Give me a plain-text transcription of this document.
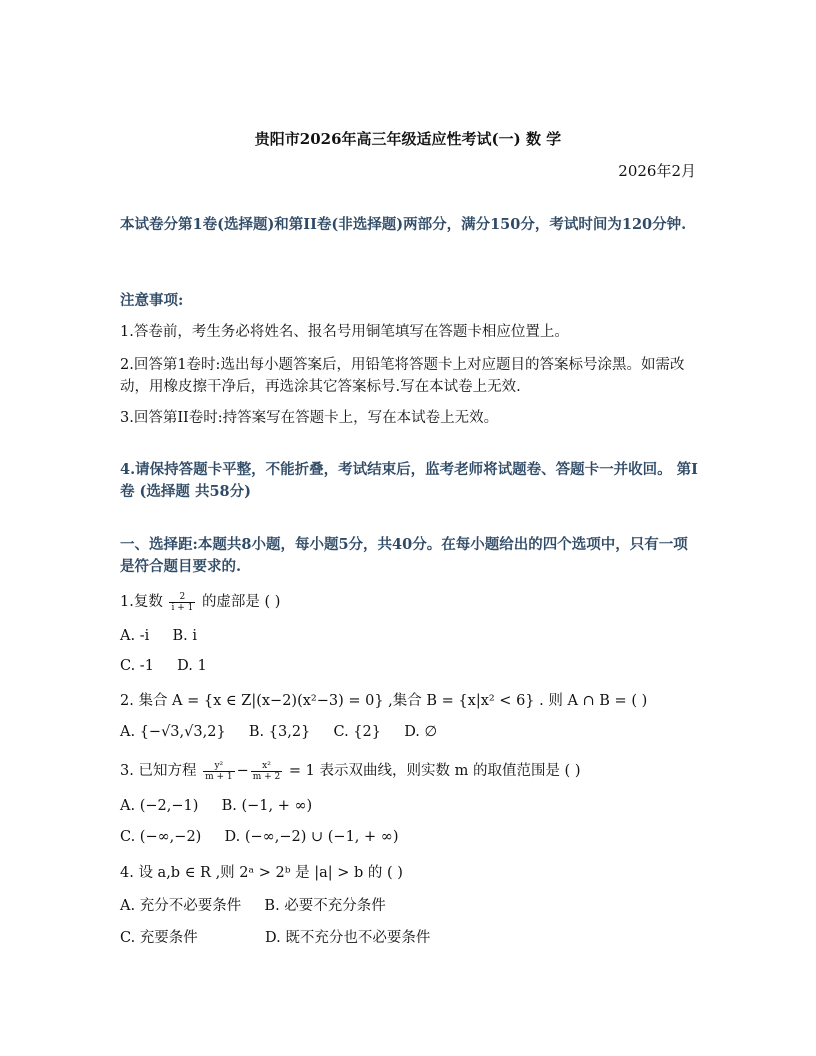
贵阳市2026年高三年级适应性考试(一) 数 学
2026年2月
本试卷分第1卷(选择题)和第II卷(非选择题)两部分，满分150分，考试时间为120分钟.
注意事项:
1.答卷前，考生务必将姓名、报名号用铜笔填写在答题卡相应位置上。
2.回答第1卷时:选出每小题答案后，用铅笔将答题卡上对应题目的答案标号涂黑。如需改动，用橡皮擦干净后，再选涂其它答案标号.写在本试卷上无效.
3.回答第II卷时:持答案写在答题卡上，写在本试卷上无效。
4.请保持答题卡平整，不能折叠，考试结束后，监考老师将试题卷、答题卡一并收回。 第I卷 (选择题 共58分)
一、选择距:本题共8小题，每小题5分，共40分。在每小题给出的四个选项中，只有一项 是符合题目要求的.
1.复数 $\frac{2}{i + 1}$ 的虚部是 ( )
A. -i B. i
C. -1 D. 1
2. 集合 A = {x ∈ Z|(x−2)(x²−3) = 0} ,集合 B = {x|x² < 6} . 则 A ∩ B = ( )
A. {−√3,√3,2} B. {3,2} C. {2} D. ∅
3. 已知方程 $\frac{\text{y²}}{m + 1} - \frac{\text{x²}}{m + 2} = 1$ 表示双曲线，则实数 m 的取值范围是 ( )
A. (−2,−1) B. (−1, + ∞)
C. (−∞,−2) D. (−∞,−2) ∪ (−1, + ∞)
4. 设 a,b ∈ R ,则 2ᵃ > 2ᵇ 是 |a| > b 的 ( )
A. 充分不必要条件 B. 必要不充分条件
C. 充要条件	D. 既不充分也不必要条件
